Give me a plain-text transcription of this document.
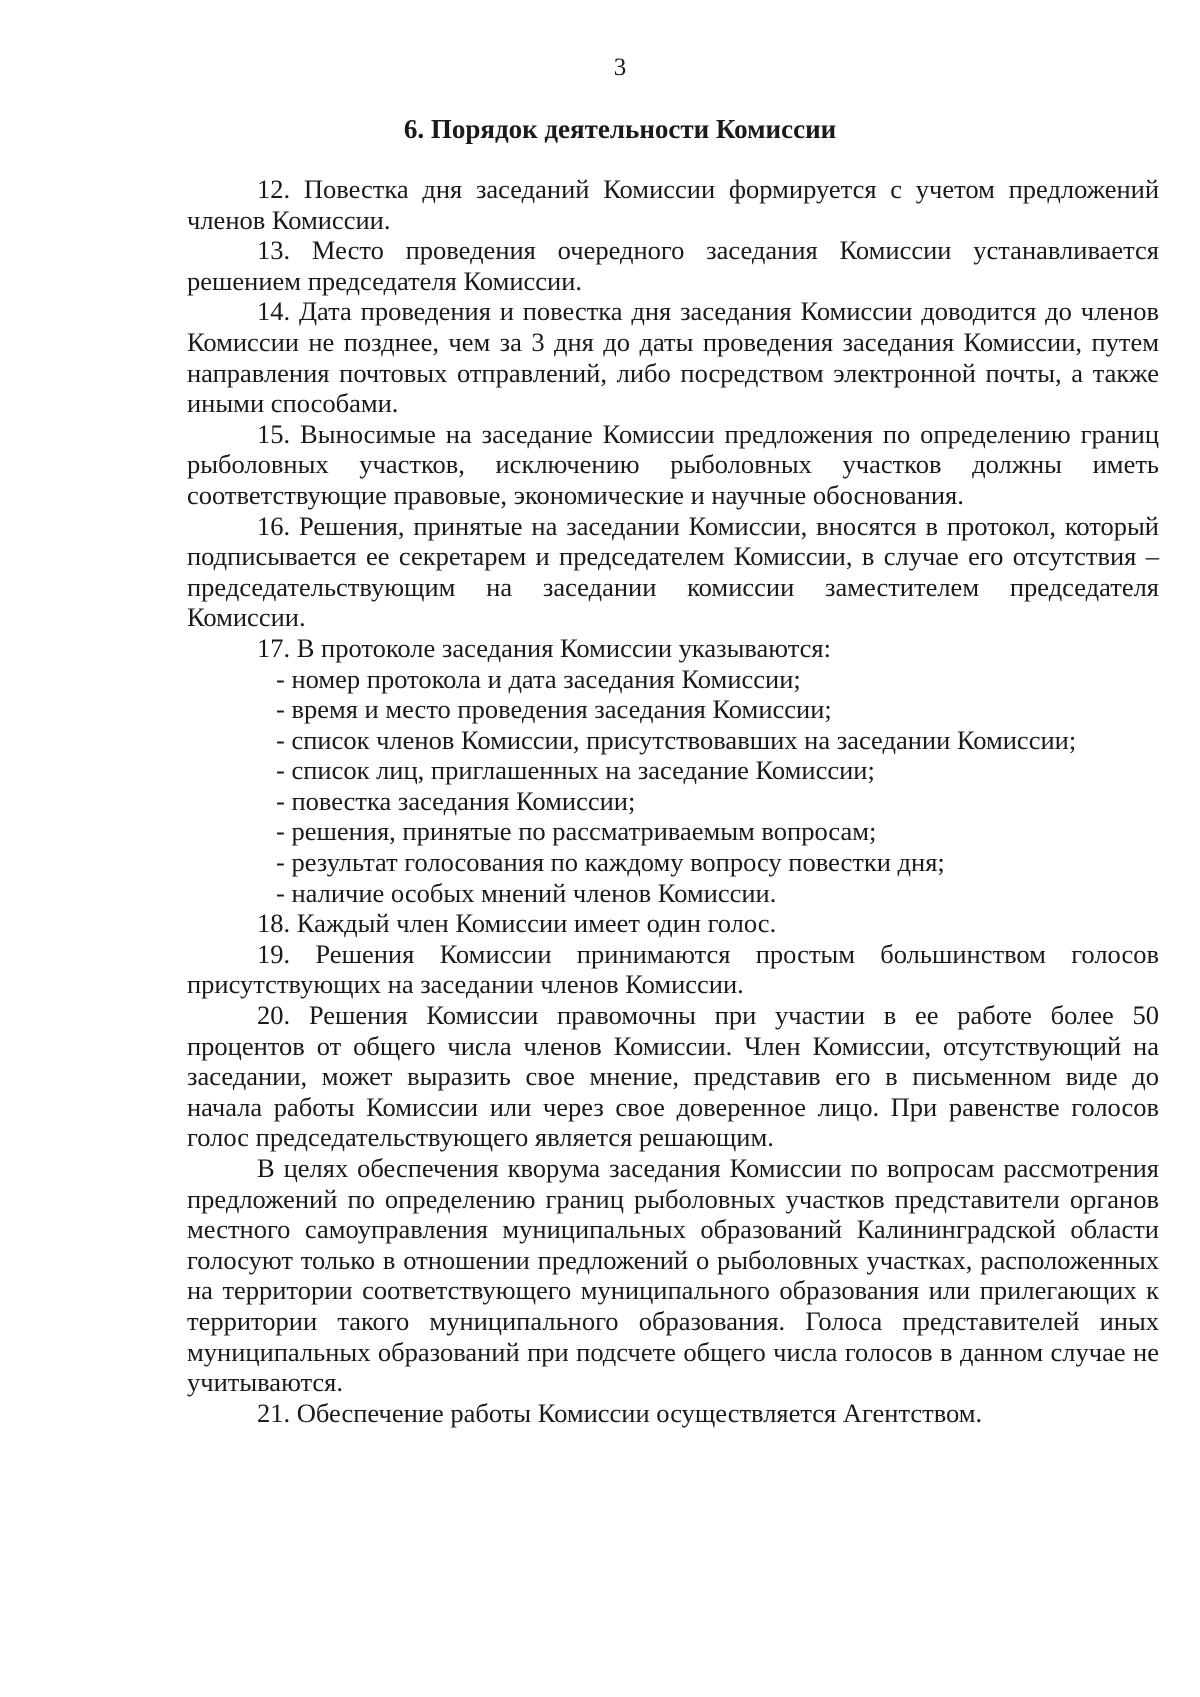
3
6. Порядок деятельности Комиссии

12. Повестка дня заседаний Комиссии формируется с учетом предложений членов Комиссии.

13. Место проведения очередного заседания Комиссии устанавливается решением председателя Комиссии.

14. Дата проведения и повестка дня заседания Комиссии доводится до членов Комиссии не позднее, чем за 3 дня до даты проведения заседания Комиссии, путем направления почтовых отправлений, либо посредством электронной почты, а также иными способами.

15. Выносимые на заседание Комиссии предложения по определению границ рыболовных участков, исключению рыболовных участков должны иметь соответствующие правовые, экономические и научные обоснования.

16. Решения, принятые на заседании Комиссии, вносятся в протокол, который подписывается ее секретарем и председателем Комиссии, в случае его отсутствия – председательствующим на заседании комиссии заместителем председателя Комиссии.

17. В протоколе заседания Комиссии указываются:

- номер протокола и дата заседания Комиссии;

- время и место проведения заседания Комиссии;

- список членов Комиссии, присутствовавших на заседании Комиссии;

- список лиц, приглашенных на заседание Комиссии;

- повестка заседания Комиссии;

- решения, принятые по рассматриваемым вопросам;

- результат голосования по каждому вопросу повестки дня;

- наличие особых мнений членов Комиссии.

18. Каждый член Комиссии имеет один голос.

19. Решения Комиссии принимаются простым большинством голосов присутствующих на заседании членов Комиссии.

20. Решения Комиссии правомочны при участии в ее работе более 50 процентов от общего числа членов Комиссии. Член Комиссии, отсутствующий на заседании, может выразить свое мнение, представив его в письменном виде до начала работы Комиссии или через свое доверенное лицо. При равенстве голосов голос председательствующего является решающим.

В целях обеспечения кворума заседания Комиссии по вопросам рассмотрения предложений по определению границ рыболовных участков представители органов местного самоуправления муниципальных образований Калининградской области голосуют только в отношении предложений о рыболовных участках, расположенных на территории соответствующего муниципального образования или прилегающих к территории такого муниципального образования. Голоса представителей иных муниципальных образований при подсчете общего числа голосов в данном случае не учитываются.

21. Обеспечение работы Комиссии осуществляется Агентством.
